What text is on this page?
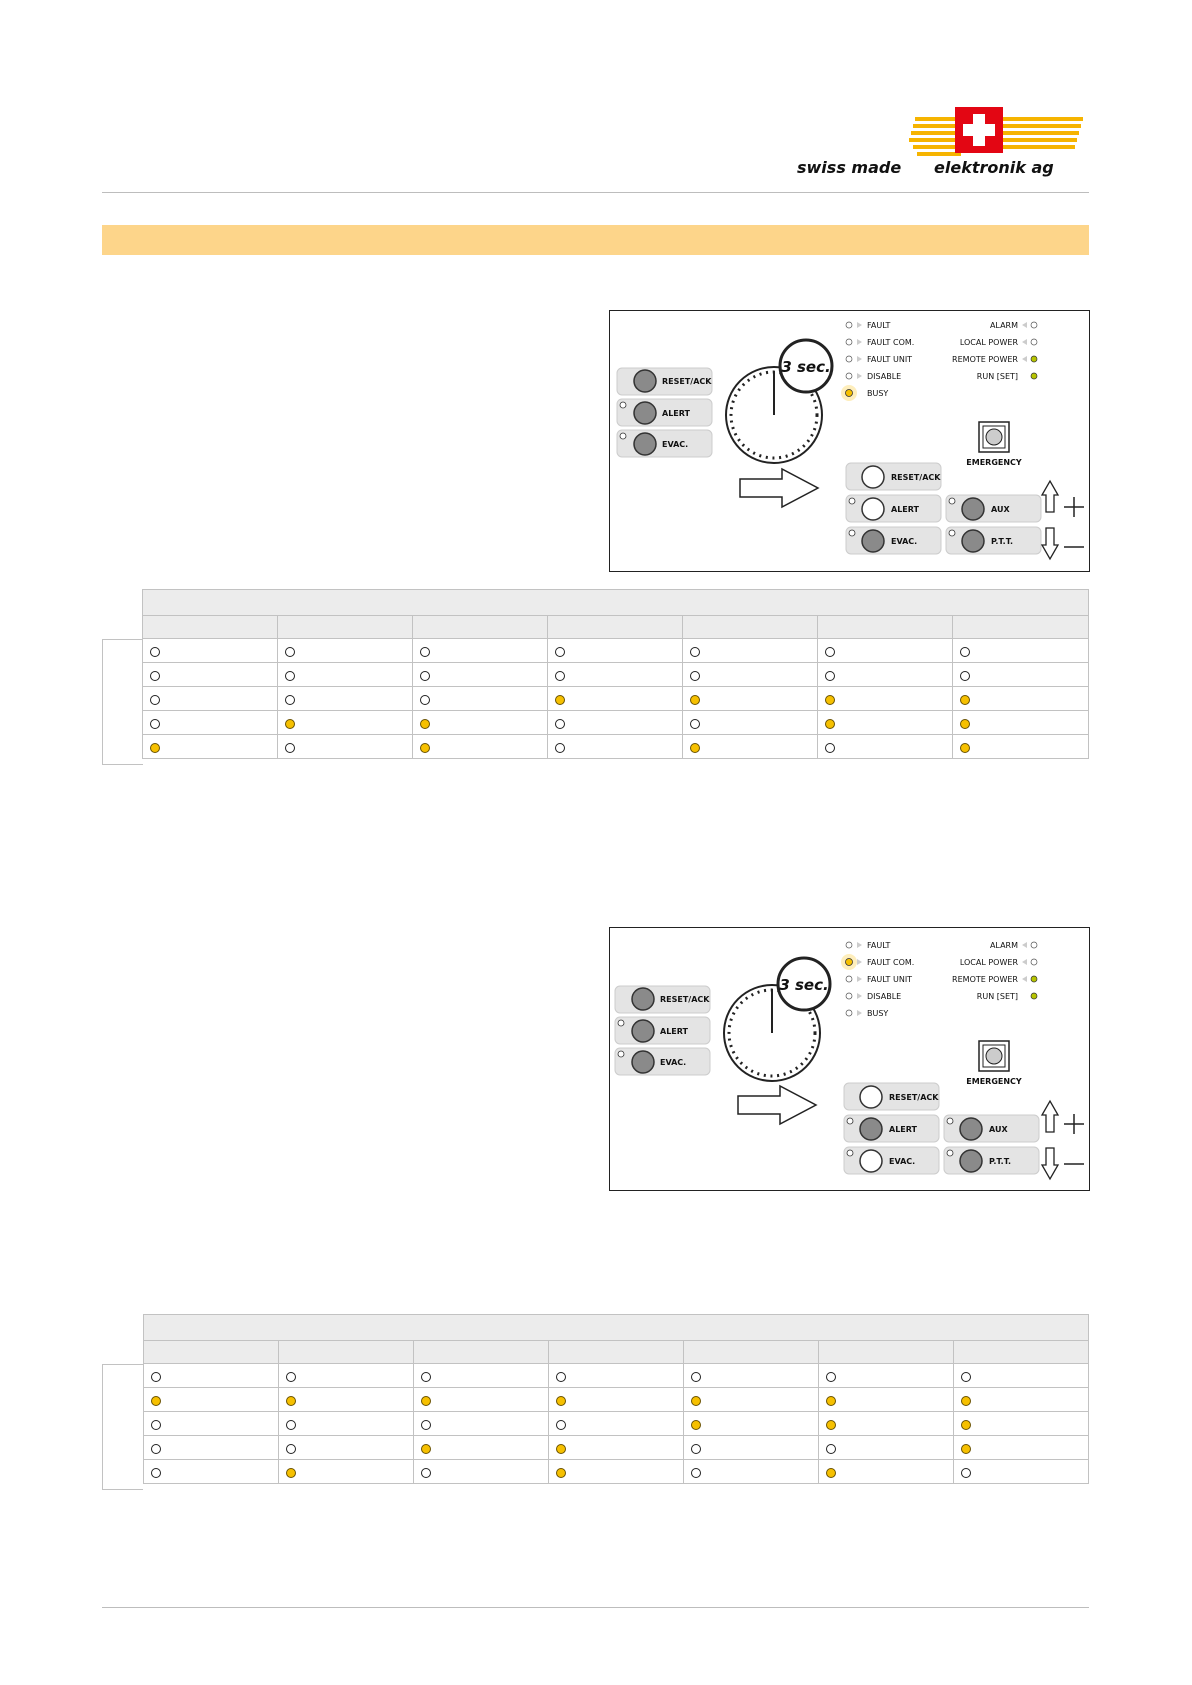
swiss made elektronik ag
RESET/ACK
ALERT
EVAC.
3 sec.
FAULT
FAULT COM.
FAULT UNIT
DISABLE
BUSY
ALARM
LOCAL POWER
REMOTE POWER
RUN [SET]
EMERGENCY
RESET/ACK
ALERT
EVAC.
AUX
P.T.T.

RESET/ACK
ALERT
EVAC.
3 sec.
FAULT
FAULT COM.
FAULT UNIT
DISABLE
BUSY
ALARM
LOCAL POWER
REMOTE POWER
RUN [SET]
EMERGENCY
RESET/ACK
ALERT
EVAC.
AUX
P.T.T.
